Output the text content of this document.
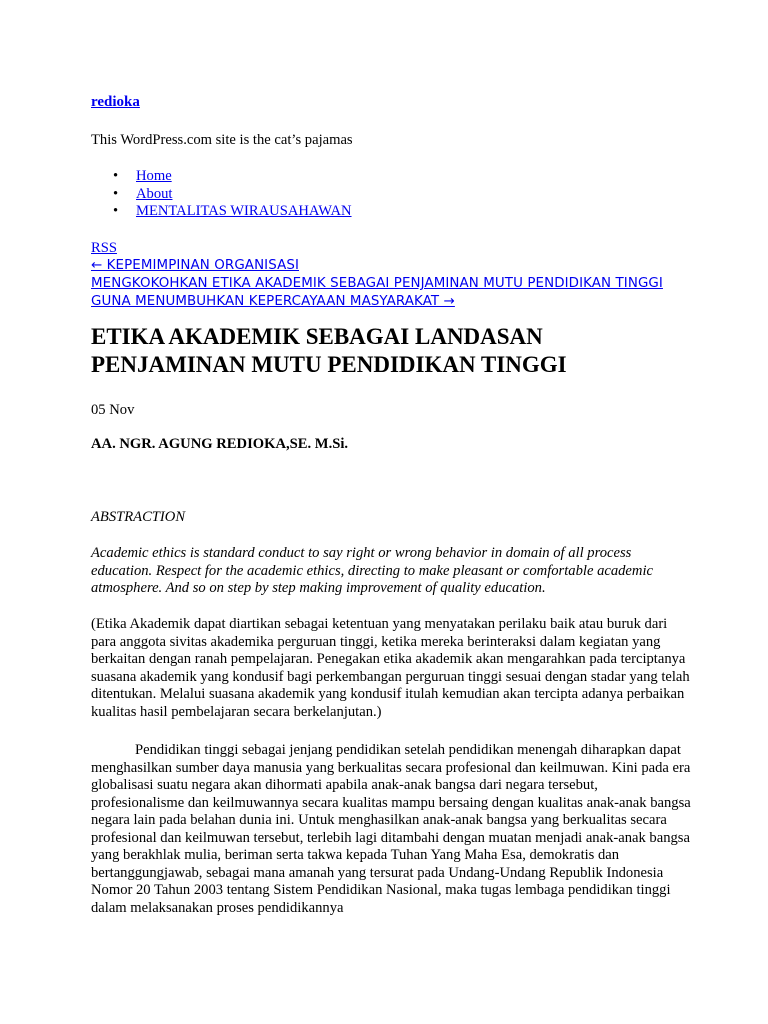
redioka

This WordPress.com site is the cat’s pajamas

• Home
• About
• MENTALITAS WIRAUSAHAWAN
RSS
← KEPEMIMPINAN ORGANISASI
MENGKOKOHKAN ETIKA AKADEMIK SEBAGAI PENJAMINAN MUTU PENDIDIKAN TINGGI GUNA MENUMBUHKAN KEPERCAYAAN MASYARAKAT →
ETIKA AKADEMIK SEBAGAI LANDASAN PENJAMINAN MUTU PENDIDIKAN TINGGI

05 Nov

AA. NGR. AGUNG REDIOKA,SE. M.Si.

ABSTRACTION

Academic ethics is standard conduct to say right or wrong behavior in domain of all process education. Respect for the academic ethics, directing to make pleasant or comfortable academic atmosphere. And so on step by step making improvement of quality education.

(Etika Akademik dapat diartikan sebagai ketentuan yang menyatakan perilaku baik atau buruk dari para anggota sivitas akademika perguruan tinggi, ketika mereka berinteraksi dalam kegiatan yang berkaitan dengan ranah pempelajaran. Penegakan etika akademik akan mengarahkan pada terciptanya suasana akademik yang kondusif bagi perkembangan perguruan tinggi sesuai dengan stadar yang telah ditentukan. Melalui suasana akademik yang kondusif itulah kemudian akan tercipta adanya perbaikan kualitas hasil pembelajaran secara berkelanjutan.)

Pendidikan tinggi sebagai jenjang pendidikan setelah pendidikan menengah diharapkan dapat menghasilkan sumber daya manusia yang berkualitas secara profesional dan keilmuwan. Kini pada era globalisasi suatu negara akan dihormati apabila anak-anak bangsa dari negara tersebut, profesionalisme dan keilmuwannya secara kualitas mampu bersaing dengan kualitas anak-anak bangsa negara lain pada belahan dunia ini. Untuk menghasilkan anak-anak bangsa yang berkualitas secara profesional dan keilmuwan tersebut, terlebih lagi ditambahi dengan muatan menjadi anak-anak bangsa yang berakhlak mulia, beriman serta takwa kepada Tuhan Yang Maha Esa, demokratis dan bertanggungjawab, sebagai mana amanah yang tersurat pada Undang-Undang Republik Indonesia Nomor 20 Tahun 2003 tentang Sistem Pendidikan Nasional, maka tugas lembaga pendidikan tinggi dalam melaksanakan proses pendidikannya
